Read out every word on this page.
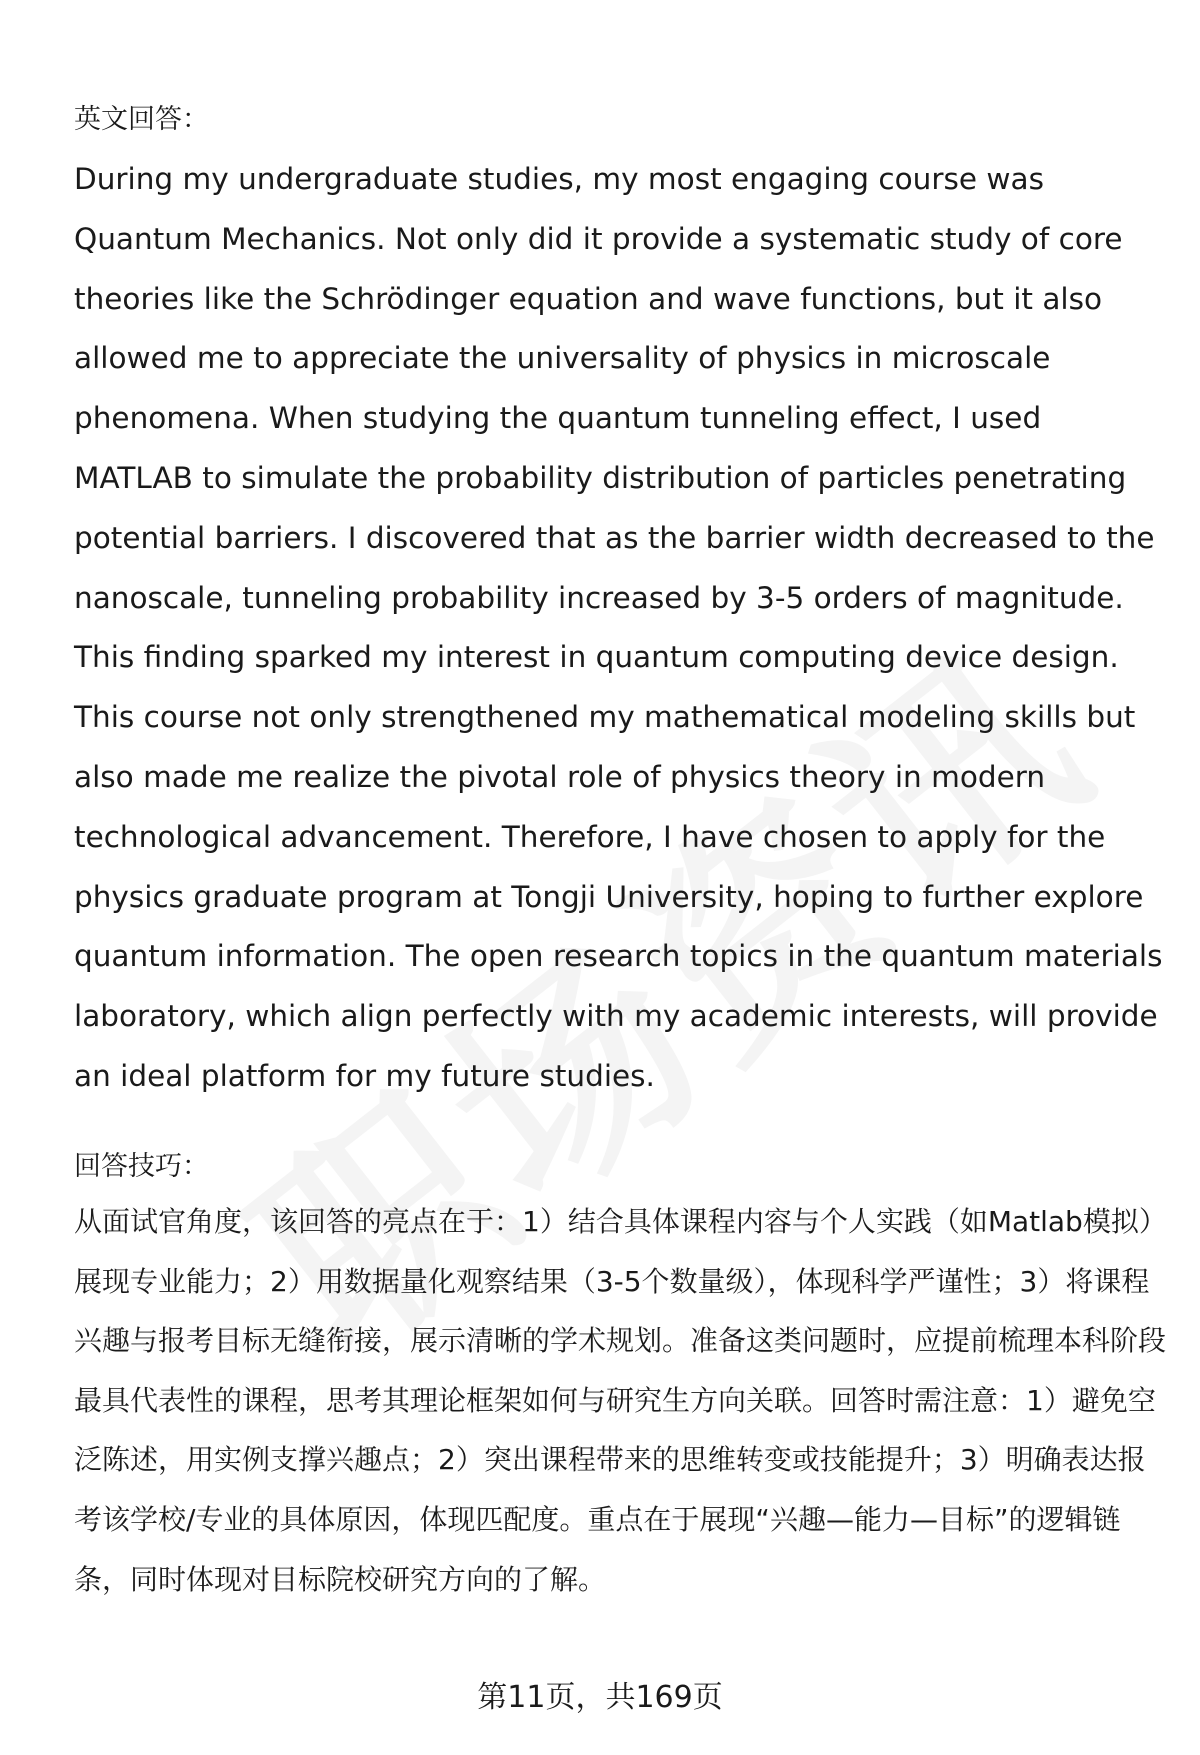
英文回答：

During my undergraduate studies, my most engaging course was Quantum Mechanics. Not only did it provide a systematic study of core theories like the Schrödinger equation and wave functions, but it also allowed me to appreciate the universality of physics in microscale phenomena. When studying the quantum tunneling effect, I used MATLAB to simulate the probability distribution of particles penetrating potential barriers. I discovered that as the barrier width decreased to the nanoscale, tunneling probability increased by 3-5 orders of magnitude. This finding sparked my interest in quantum computing device design. This course not only strengthened my mathematical modeling skills but also made me realize the pivotal role of physics theory in modern technological advancement. Therefore, I have chosen to apply for the physics graduate program at Tongji University, hoping to further explore quantum information. The open research topics in the quantum materials laboratory, which align perfectly with my academic interests, will provide an ideal platform for my future studies.

回答技巧：

从面试官角度，该回答的亮点在于：1）结合具体课程内容与个人实践（如Matlab模拟）展现专业能力；2）用数据量化观察结果（3-5个数量级），体现科学严谨性；3）将课程兴趣与报考目标无缝衔接，展示清晰的学术规划。准备这类问题时，应提前梳理本科阶段最具代表性的课程，思考其理论框架如何与研究生方向关联。回答时需注意：1）避免空泛陈述，用实例支撑兴趣点；2）突出课程带来的思维转变或技能提升；3）明确表达报考该学校/专业的具体原因，体现匹配度。重点在于展现“兴趣—能力—目标”的逻辑链条，同时体现对目标院校研究方向的了解。

第11页，共169页
